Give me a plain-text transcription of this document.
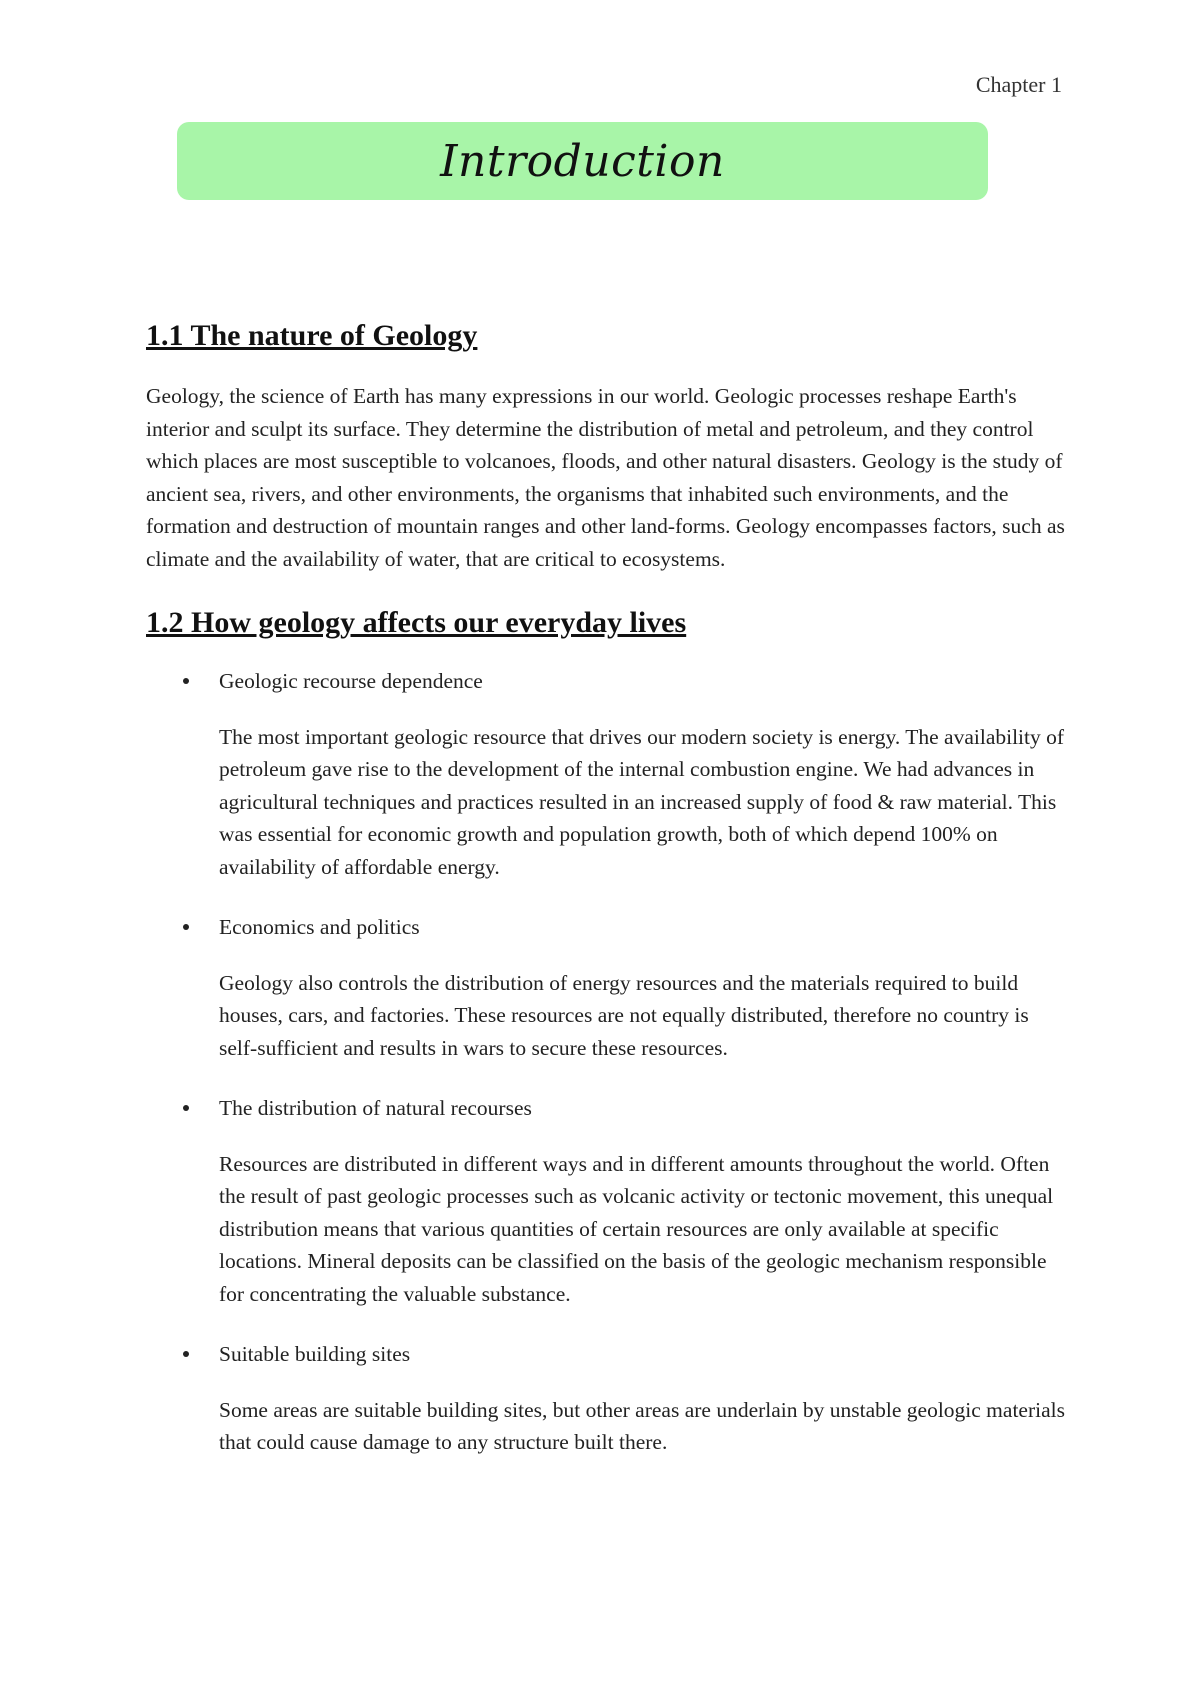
Chapter 1
Introduction
1.1 The nature of Geology

Geology, the science of Earth has many expressions in our world. Geologic processes reshape Earth's interior and sculpt its surface. They determine the distribution of metal and petroleum, and they control which places are most susceptible to volcanoes, floods, and other natural disasters. Geology is the study of ancient sea, rivers, and other environments, the organisms that inhabited such environments, and the formation and destruction of mountain ranges and other land-forms. Geology encompasses factors, such as climate and the availability of water, that are critical to ecosystems.

1.2 How geology affects our everyday lives

Geologic recourse dependence

The most important geologic resource that drives our modern society is energy. The availability of petroleum gave rise to the development of the internal combustion engine. We had advances in agricultural techniques and practices resulted in an increased supply of food & raw material. This was essential for economic growth and population growth, both of which depend 100% on availability of affordable energy.

Economics and politics

Geology also controls the distribution of energy resources and the materials required to build houses, cars, and factories. These resources are not equally distributed, therefore no country is self-sufficient and results in wars to secure these resources.

The distribution of natural recourses

Resources are distributed in different ways and in different amounts throughout the world. Often the result of past geologic processes such as volcanic activity or tectonic movement, this unequal distribution means that various quantities of certain resources are only available at specific locations. Mineral deposits can be classified on the basis of the geologic mechanism responsible for concentrating the valuable substance.

Suitable building sites

Some areas are suitable building sites, but other areas are underlain by unstable geologic materials that could cause damage to any structure built there.
